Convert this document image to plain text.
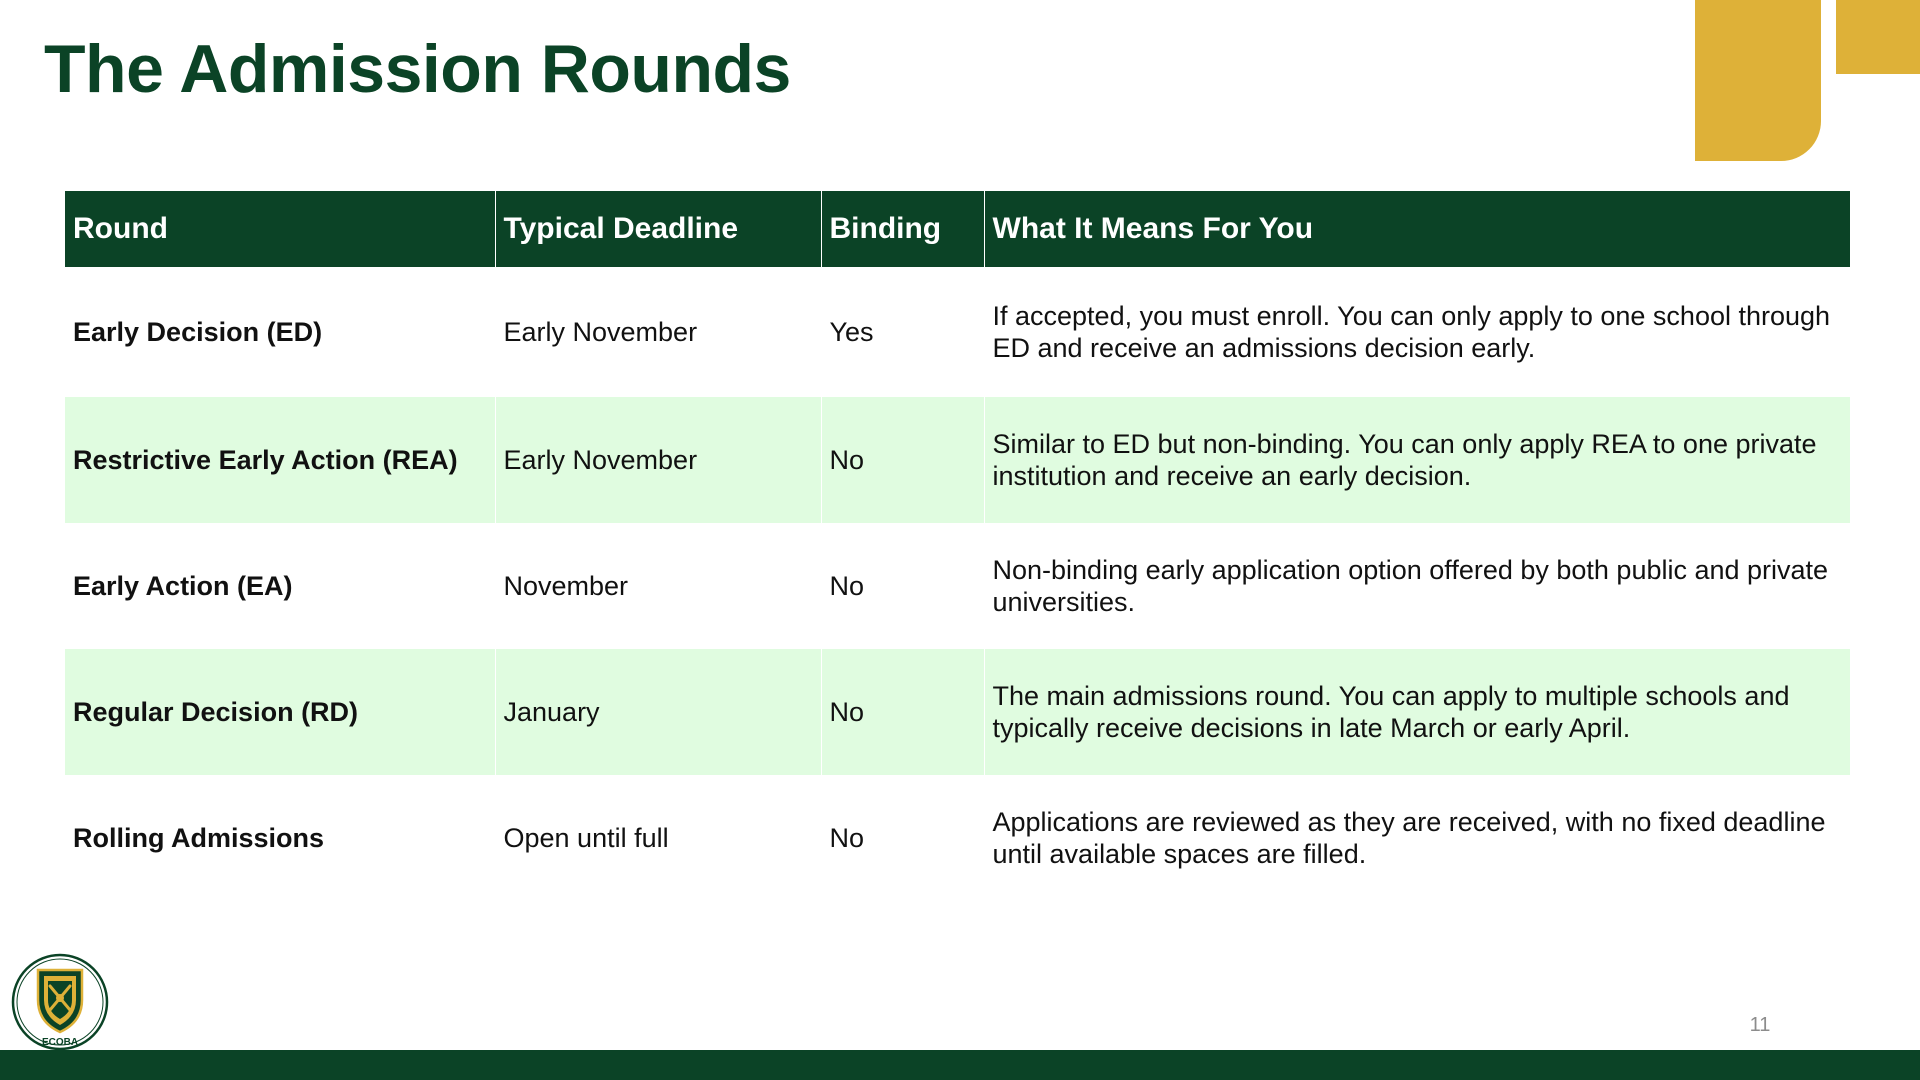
The Admission Rounds
Round	Typical Deadline	Binding	What It Means For You
Early Decision (ED)	Early November	Yes	If accepted, you must enroll. You can only apply to one school through ED and receive an admissions decision early.
Restrictive Early Action (REA)	Early November	No	Similar to ED but non-binding. You can only apply REA to one private institution and receive an early decision.
Early Action (EA)	November	No	Non-binding early application option offered by both public and private universities.
Regular Decision (RD)	January	No	The main admissions round. You can apply to multiple schools and typically receive decisions in late March or early April.
Rolling Admissions	Open until full	No	Applications are reviewed as they are received, with no fixed deadline until available spaces are filled.
ECOBA
11
